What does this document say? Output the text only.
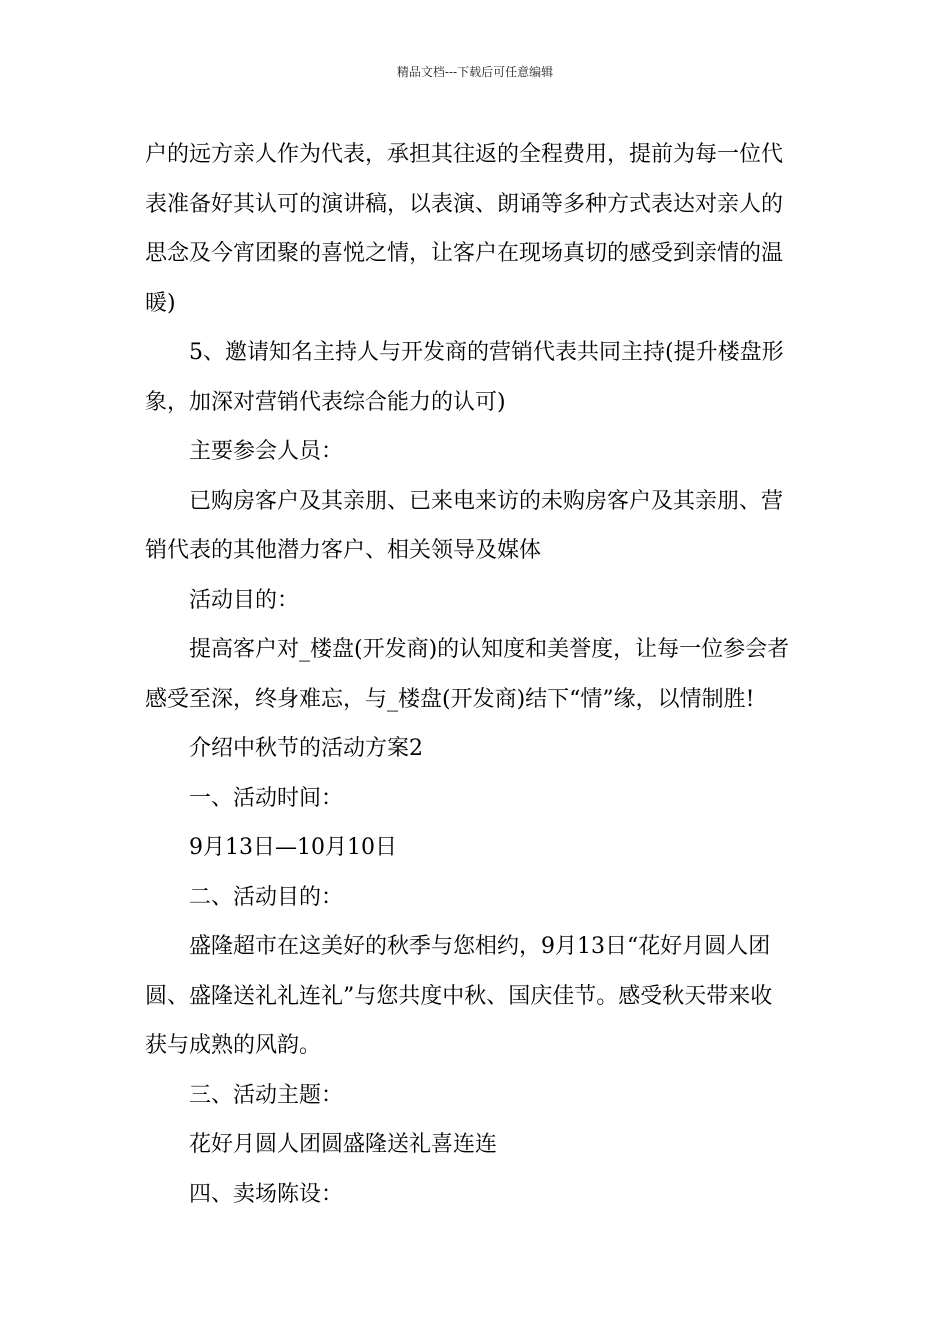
精品文档---下载后可任意编辑

户的远方亲人作为代表，承担其往返的全程费用，提前为每一位代
表准备好其认可的演讲稿，以表演、朗诵等多种方式表达对亲人的
思念及今宵团聚的喜悦之情，让客户在现场真切的感受到亲情的温
暖)

5、邀请知名主持人与开发商的营销代表共同主持(提升楼盘形
象，加深对营销代表综合能力的认可)

主要参会人员：

已购房客户及其亲朋、已来电来访的未购房客户及其亲朋、营
销代表的其他潜力客户、相关领导及媒体

活动目的：

提高客户对_楼盘(开发商)的认知度和美誉度，让每一位参会者
感受至深，终身难忘，与_楼盘(开发商)结下“情”缘，以情制胜!

介绍中秋节的活动方案2

一、活动时间：

9月13日—10月10日

二、活动目的：

盛隆超市在这美好的秋季与您相约，9月13日“花好月圆人团
圆、盛隆送礼礼连礼”与您共度中秋、国庆佳节。感受秋天带来收
获与成熟的风韵。

三、活动主题：

花好月圆人团圆盛隆送礼喜连连

四、卖场陈设：
